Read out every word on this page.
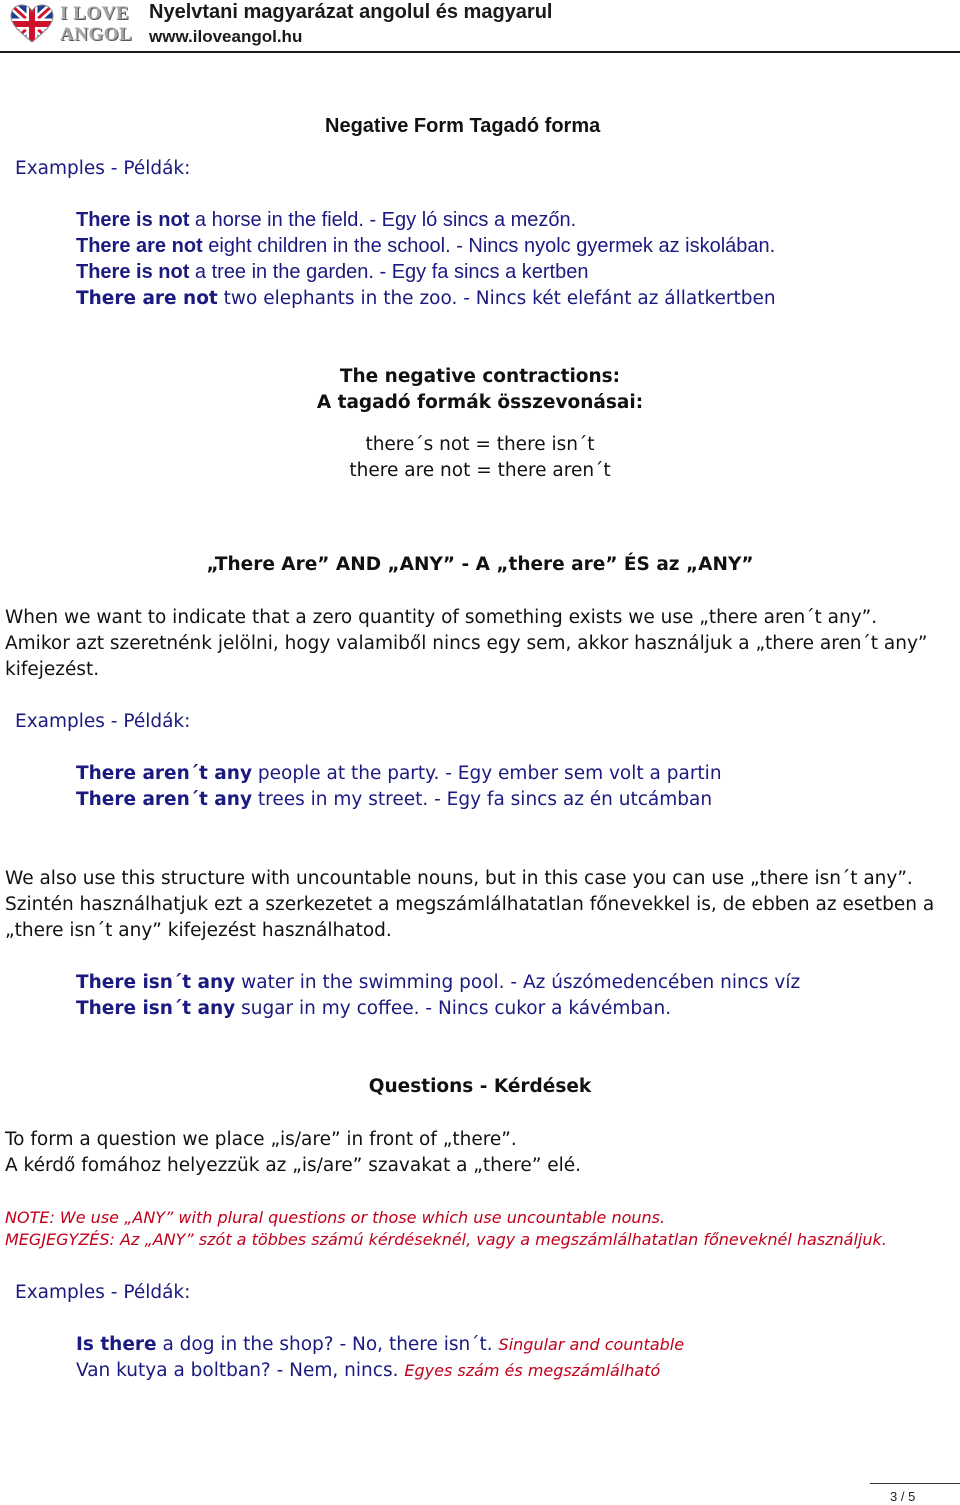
I LOVE
ANGOL
Nyelvtani magyarázat angolul és magyarul
www.iloveangol.hu
Negative Form Tagadó forma
Examples - Példák:
There is not a horse in the field. - Egy ló sincs a mezőn.
There are not eight children in the school. - Nincs nyolc gyermek az iskolában.
There is not a tree in the garden. - Egy fa sincs a kertben
There are not two elephants in the zoo. - Nincs két elefánt az állatkertben
The negative contractions:
A tagadó formák összevonásai:
there´s not = there isn´t
there are not = there aren´t
„There Are” AND „ANY” - A „there are” ÉS az „ANY”
When we want to indicate that a zero quantity of something exists we use „there aren´t any”.
Amikor azt szeretnénk jelölni, hogy valamiből nincs egy sem, akkor használjuk a „there aren´t any”
kifejezést.
Examples - Példák:
There aren´t any people at the party. - Egy ember sem volt a partin
There aren´t any trees in my street. - Egy fa sincs az én utcámban
We also use this structure with uncountable nouns, but in this case you can use „there isn´t any”.
Szintén használhatjuk ezt a szerkezetet a megszámlálhatatlan főnevekkel is, de ebben az esetben a
„there isn´t any” kifejezést használhatod.
There isn´t any water in the swimming pool. - Az úszómedencében nincs víz
There isn´t any sugar in my coffee. - Nincs cukor a kávémban.
Questions - Kérdések
To form a question we place „is/are” in front of „there”.
A kérdő fomához helyezzük az „is/are” szavakat a „there” elé.
NOTE: We use „ANY” with plural questions or those which use uncountable nouns.
MEGJEGYZÉS: Az „ANY” szót a többes számú kérdéseknél, vagy a megszámlálhatatlan főneveknél használjuk.
Examples - Példák:
Is there a dog in the shop? - No, there isn´t. Singular and countable
Van kutya a boltban? - Nem, nincs. Egyes szám és megszámlálható
3 / 5
